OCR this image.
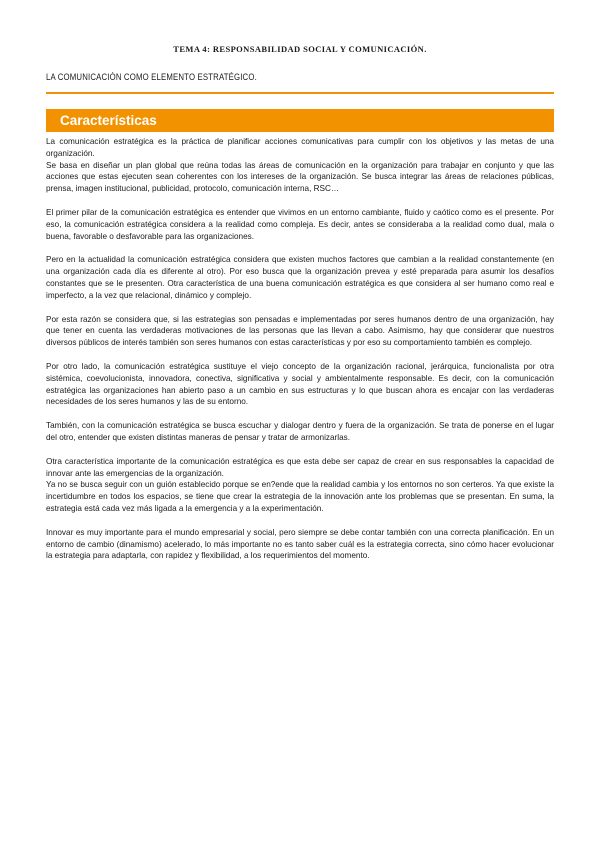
TEMA 4: RESPONSABILIDAD SOCIAL Y COMUNICACIÓN.
LA COMUNICACIÓN COMO ELEMENTO ESTRATÉGICO.
Características

La comunicación estratégica es la práctica de planificar acciones comunicativas para cumplir con los objetivos y las metas de una organización.

Se basa en diseñar un plan global que reúna todas las áreas de comunicación en la organización para trabajar en conjunto y que las acciones que estas ejecuten sean coherentes con los intereses de la organización. Se busca integrar las áreas de relaciones públicas, prensa, imagen institucional, publicidad, protocolo, comunicación interna, RSC…

El primer pilar de la comunicación estratégica es entender que vivimos en un entorno cambiante, fluido y caótico como es el presente. Por eso, la comunicación estratégica considera a la realidad como compleja. Es decir, antes se consideraba a la realidad como dual, mala o buena, favorable o desfavorable para las organizaciones.

Pero en la actualidad la comunicación estratégica considera que existen muchos factores que cambian a la realidad constantemente (en una organización cada día es diferente al otro). Por eso busca que la organización prevea y esté preparada para asumir los desafíos constantes que se le presenten. Otra característica de una buena comunicación estratégica es que considera al ser humano como real e imperfecto, a la vez que relacional, dinámico y complejo.

Por esta razón se considera que, si las estrategias son pensadas e implementadas por seres humanos dentro de una organización, hay que tener en cuenta las verdaderas motivaciones de las personas que las llevan a cabo. Asimismo, hay que considerar que nuestros diversos públicos de interés también son seres humanos con estas características y por eso su comportamiento también es complejo.

Por otro lado, la comunicación estratégica sustituye el viejo concepto de la organización racional, jerárquica, funcionalista por otra sistémica, coevolucionista, innovadora, conectiva, significativa y social y ambientalmente responsable. Es decir, con la comunicación estratégica las organizaciones han abierto paso a un cambio en sus estructuras y lo que buscan ahora es encajar con las verdaderas necesidades de los seres humanos y las de su entorno.

También, con la comunicación estratégica se busca escuchar y dialogar dentro y fuera de la organización. Se trata de ponerse en el lugar del otro, entender que existen distintas maneras de pensar y tratar de armonizarlas.

Otra característica importante de la comunicación estratégica es que esta debe ser capaz de crear en sus responsables la capacidad de innovar ante las emergencias de la organización.

Ya no se busca seguir con un guión establecido porque se en?ende que la realidad cambia y los entornos no son certeros. Ya que existe la incertidumbre en todos los espacios, se tiene que crear la estrategia de la innovación ante los problemas que se presentan. En suma, la estrategia está cada vez más ligada a la emergencia y a la experimentación.

Innovar es muy importante para el mundo empresarial y social, pero siempre se debe contar también con una correcta planificación. En un entorno de cambio (dinamismo) acelerado, lo más importante no es tanto saber cuál es la estrategia correcta, sino cómo hacer evolucionar la estrategia para adaptarla, con rapidez y flexibilidad, a los requerimientos del momento.
